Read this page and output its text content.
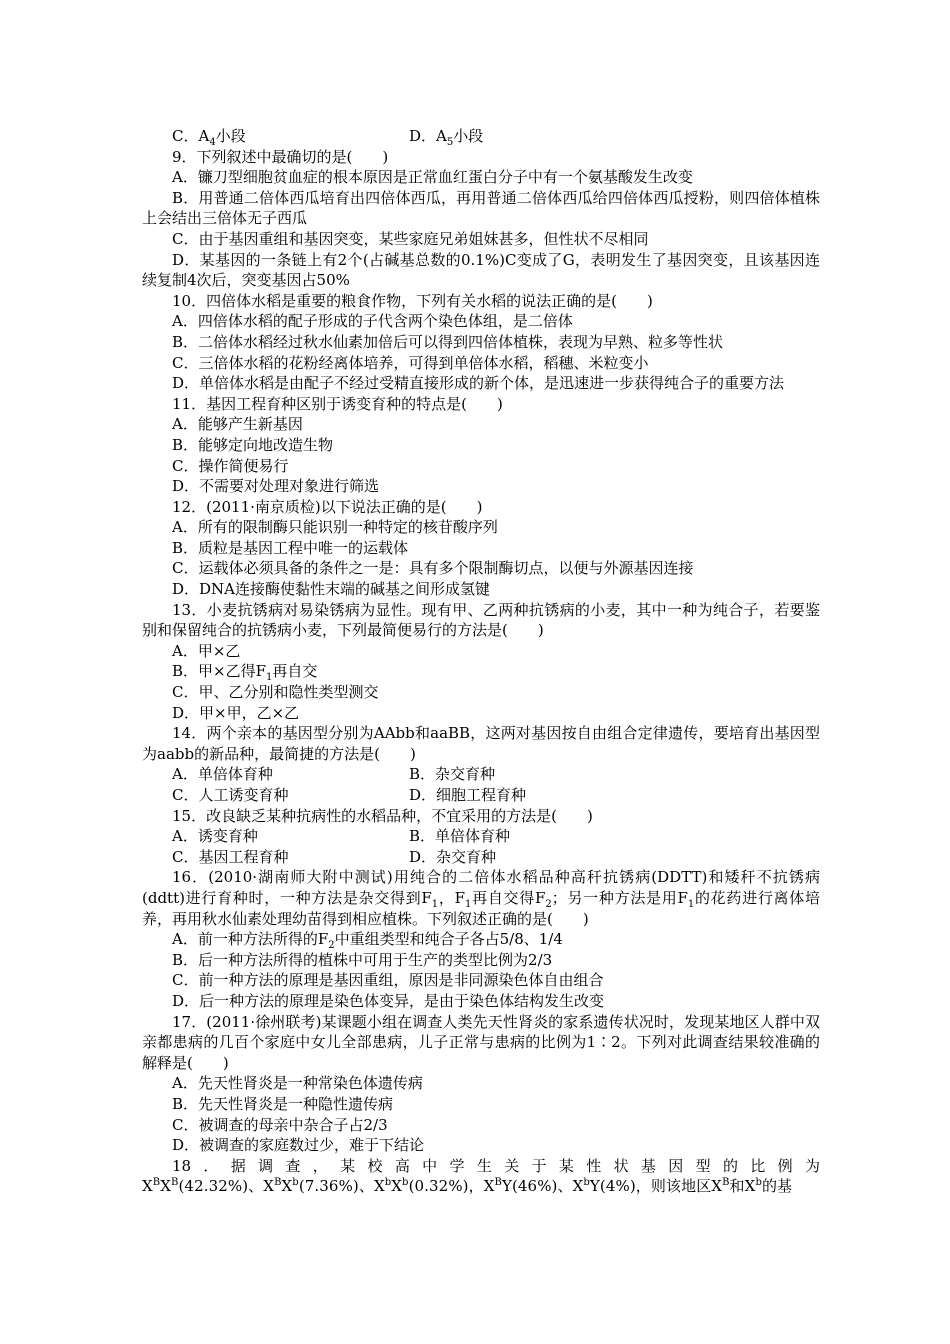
C．$A_4$小段	D．$A_5$小段
9．下列叙述中最确切的是(　　)
A．镰刀型细胞贫血症的根本原因是正常血红蛋白分子中有一个氨基酸发生改变
B．用普通二倍体西瓜培育出四倍体西瓜，再用普通二倍体西瓜给四倍体西瓜授粉，则四倍体植株上会结出三倍体无子西瓜
C．由于基因重组和基因突变，某些家庭兄弟姐妹甚多，但性状不尽相同
D．某基因的一条链上有2个(占碱基总数的0.1%)C变成了G，表明发生了基因突变，且该基因连续复制4次后，突变基因占50%
10．四倍体水稻是重要的粮食作物，下列有关水稻的说法正确的是(　　)
A．四倍体水稻的配子形成的子代含两个染色体组，是二倍体
B．二倍体水稻经过秋水仙素加倍后可以得到四倍体植株，表现为早熟、粒多等性状
C．三倍体水稻的花粉经离体培养，可得到单倍体水稻，稻穗、米粒变小
D．单倍体水稻是由配子不经过受精直接形成的新个体，是迅速进一步获得纯合子的重要方法
11．基因工程育种区别于诱变育种的特点是(　　)
A．能够产生新基因
B．能够定向地改造生物
C．操作简便易行
D．不需要对处理对象进行筛选
12．(2011·南京质检)以下说法正确的是(　　)
A．所有的限制酶只能识别一种特定的核苷酸序列
B．质粒是基因工程中唯一的运载体
C．运载体必须具备的条件之一是：具有多个限制酶切点，以便与外源基因连接
D．DNA连接酶使黏性末端的碱基之间形成氢键
13．小麦抗锈病对易染锈病为显性。现有甲、乙两种抗锈病的小麦，其中一种为纯合子，若要鉴别和保留纯合的抗锈病小麦，下列最简便易行的方法是(　　)
A．甲×乙
B．甲×乙得$F_1$再自交
C．甲、乙分别和隐性类型测交
D．甲×甲，乙×乙
14．两个亲本的基因型分别为AAbb和aaBB，这两对基因按自由组合定律遗传，要培育出基因型为aabb的新品种，最简捷的方法是(　　)
A．单倍体育种	B．杂交育种
C．人工诱变育种	D．细胞工程育种
15．改良缺乏某种抗病性的水稻品种，不宜采用的方法是(　　)
A．诱变育种	B．单倍体育种
C．基因工程育种	D．杂交育种
16．(2010·湖南师大附中测试)用纯合的二倍体水稻品种高秆抗锈病(DDTT)和矮秆不抗锈病(ddtt)进行育种时，一种方法是杂交得到$F_1$，$F_1$再自交得$F_2$；另一种方法是用$F_1$的花药进行离体培养，再用秋水仙素处理幼苗得到相应植株。下列叙述正确的是(　　)
A．前一种方法所得的$F_2$中重组类型和纯合子各占5/8、1/4
B．后一种方法所得的植株中可用于生产的类型比例为2/3
C．前一种方法的原理是基因重组，原因是非同源染色体自由组合
D．后一种方法的原理是染色体变异，是由于染色体结构发生改变
17．(2011·徐州联考)某课题小组在调查人类先天性肾炎的家系遗传状况时，发现某地区人群中双亲都患病的几百个家庭中女儿全部患病，儿子正常与患病的比例为1∶2。下列对此调查结果较准确的解释是(　　)
A．先天性肾炎是一种常染色体遗传病
B．先天性肾炎是一种隐性遗传病
C．被调查的母亲中杂合子占2/3
D．被调查的家庭数过少，难于下结论
18．据调查，某校高中学生关于某性状基因型的比例为
$X^BX^B(42.32\%)$、$X^BX^b(7.36\%)$、$X^bX^b(0.32\%)$，$X^BY(46\%)$、$X^bY(4\%)$，则该地区$X^B$和$X^b$的基
